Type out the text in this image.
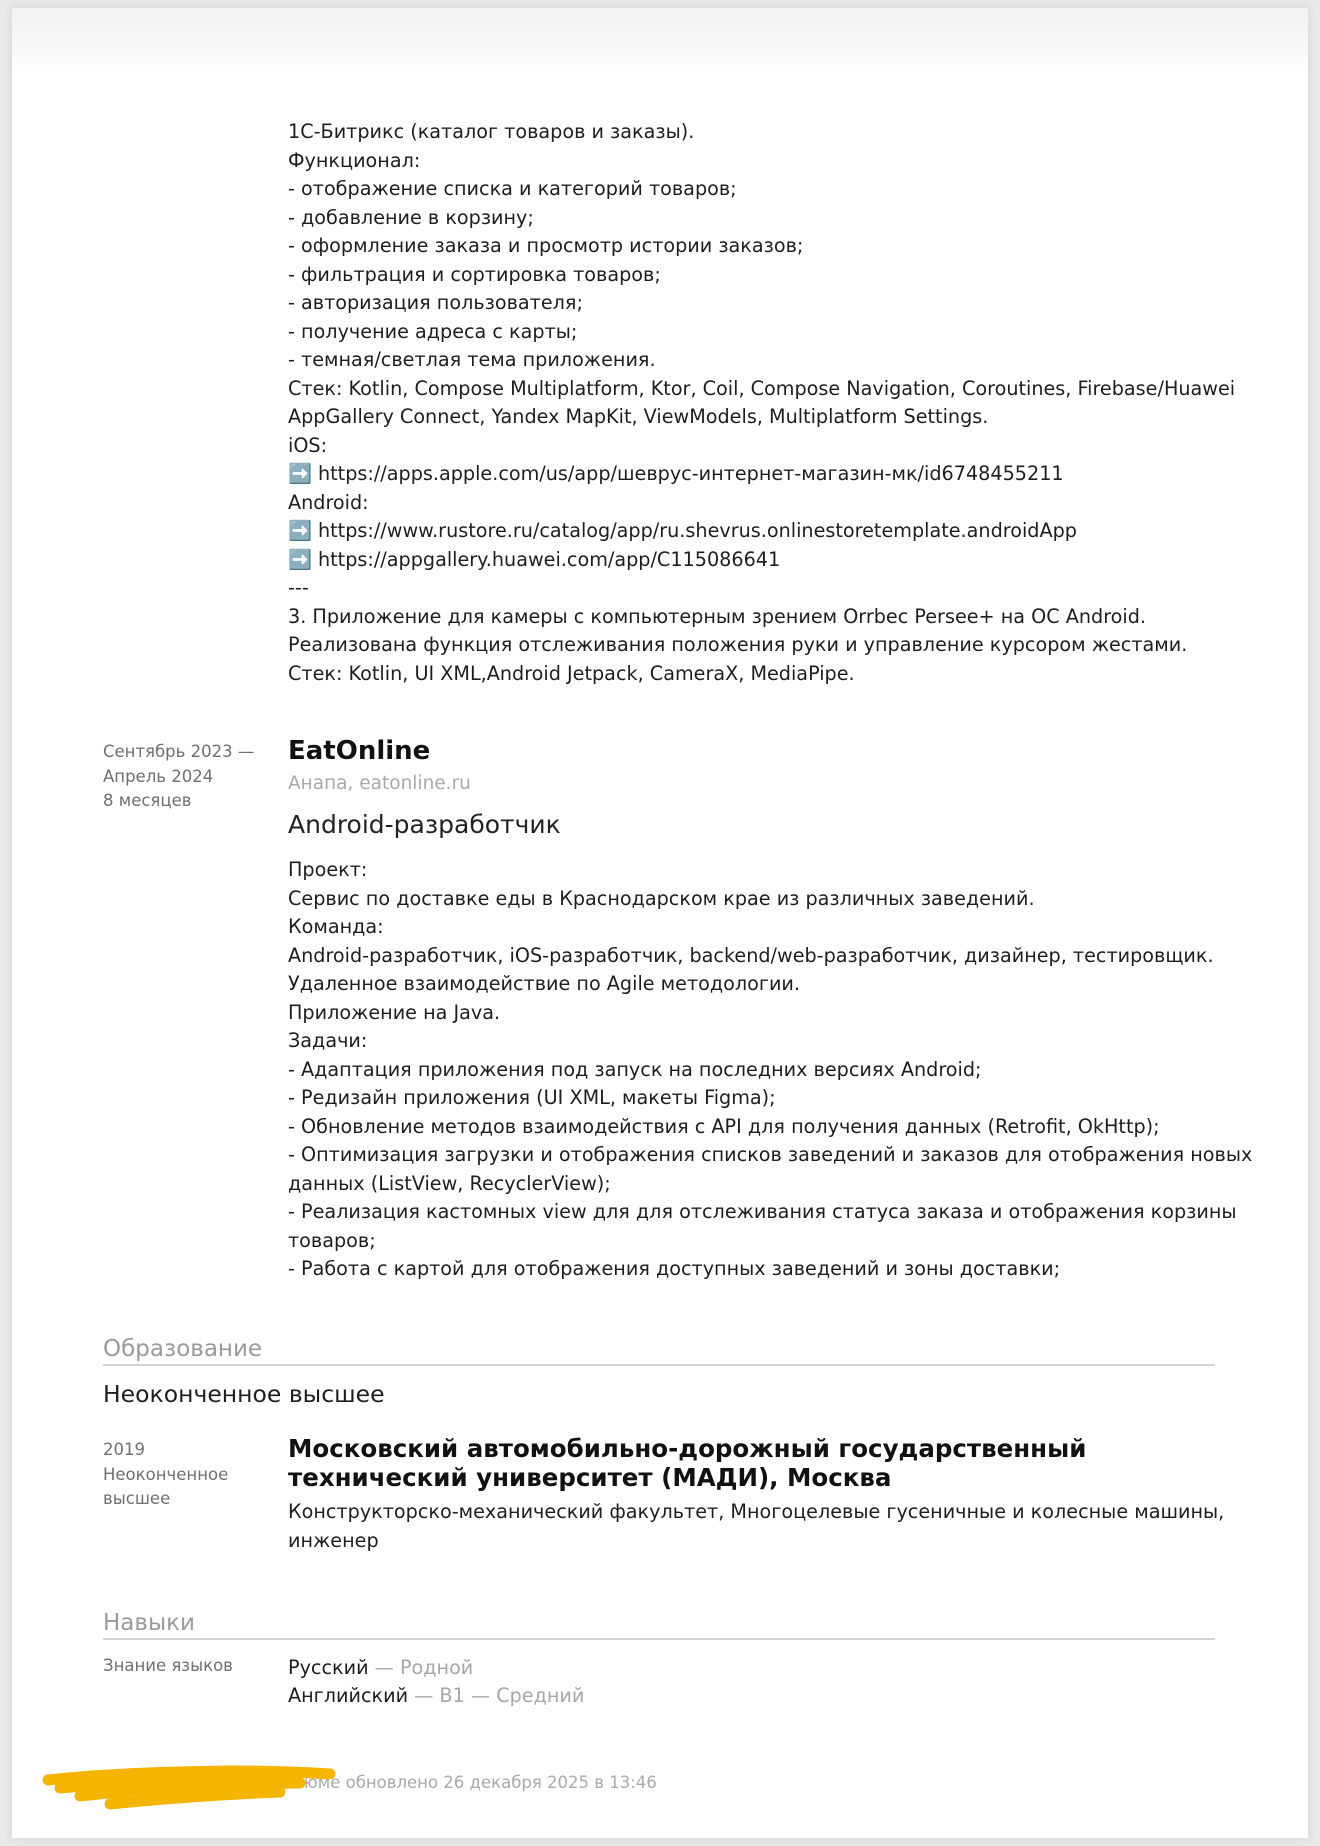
1С-Битрикс (каталог товаров и заказы).
Функционал:
- отображение списка и категорий товаров;
- добавление в корзину;
- оформление заказа и просмотр истории заказов;
- фильтрация и сортировка товаров;
- авторизация пользователя;
- получение адреса с карты;
- темная/светлая тема приложения.
Стек: Kotlin, Compose Multiplatform, Ktor, Coil, Compose Navigation, Coroutines, Firebase/Huawei
AppGallery Connect, Yandex MapKit, ViewModels, Multiplatform Settings.
iOS:
➡️ https://apps.apple.com/us/app/шеврус-интернет-магазин-мк/id6748455211
Android:
➡️ https://www.rustore.ru/catalog/app/ru.shevrus.onlinestoretemplate.androidApp
➡️ https://appgallery.huawei.com/app/C115086641
---
3. Приложение для камеры с компьютерным зрением Orrbec Persee+ на ОС Android.
Реализована функция отслеживания положения руки и управление курсором жестами.
Стек: Kotlin, UI XML,Android Jetpack, CameraX, MediaPipe.
Сентябрь 2023 —
Апрель 2024
8 месяцев
EatOnline
Анапа, eatonline.ru
Android-разработчик
Проект:
Сервис по доставке еды в Краснодарском крае из различных заведений.
Команда:
Android-разработчик, iOS-разработчик, backend/web-разработчик, дизайнер, тестировщик.
Удаленное взаимодействие по Agile методологии.
Приложение на Java.
Задачи:
- Адаптация приложения под запуск на последних версиях Android;
- Редизайн приложения (UI XML, макеты Figma);
- Обновление методов взаимодействия с API для получения данных (Retrofit, OkHttp);
- Оптимизация загрузки и отображения списков заведений и заказов для отображения новых
данных (ListView, RecyclerView);
- Реализация кастомных view для для отслеживания статуса заказа и отображения корзины
товаров;
- Работа с картой для отображения доступных заведений и зоны доставки;
Образование
Неоконченное высшее
2019
Неоконченное
высшее
Московский автомобильно-дорожный государственный
технический университет (МАДИ), Москва
Конструкторско-механический факультет, Многоцелевые гусеничные и колесные машины,
инженер
Навыки
Знание языков	Русский — Родной
Английский — B1 — Средний
Резюме обновлено 26 декабря 2025 в 13:46
